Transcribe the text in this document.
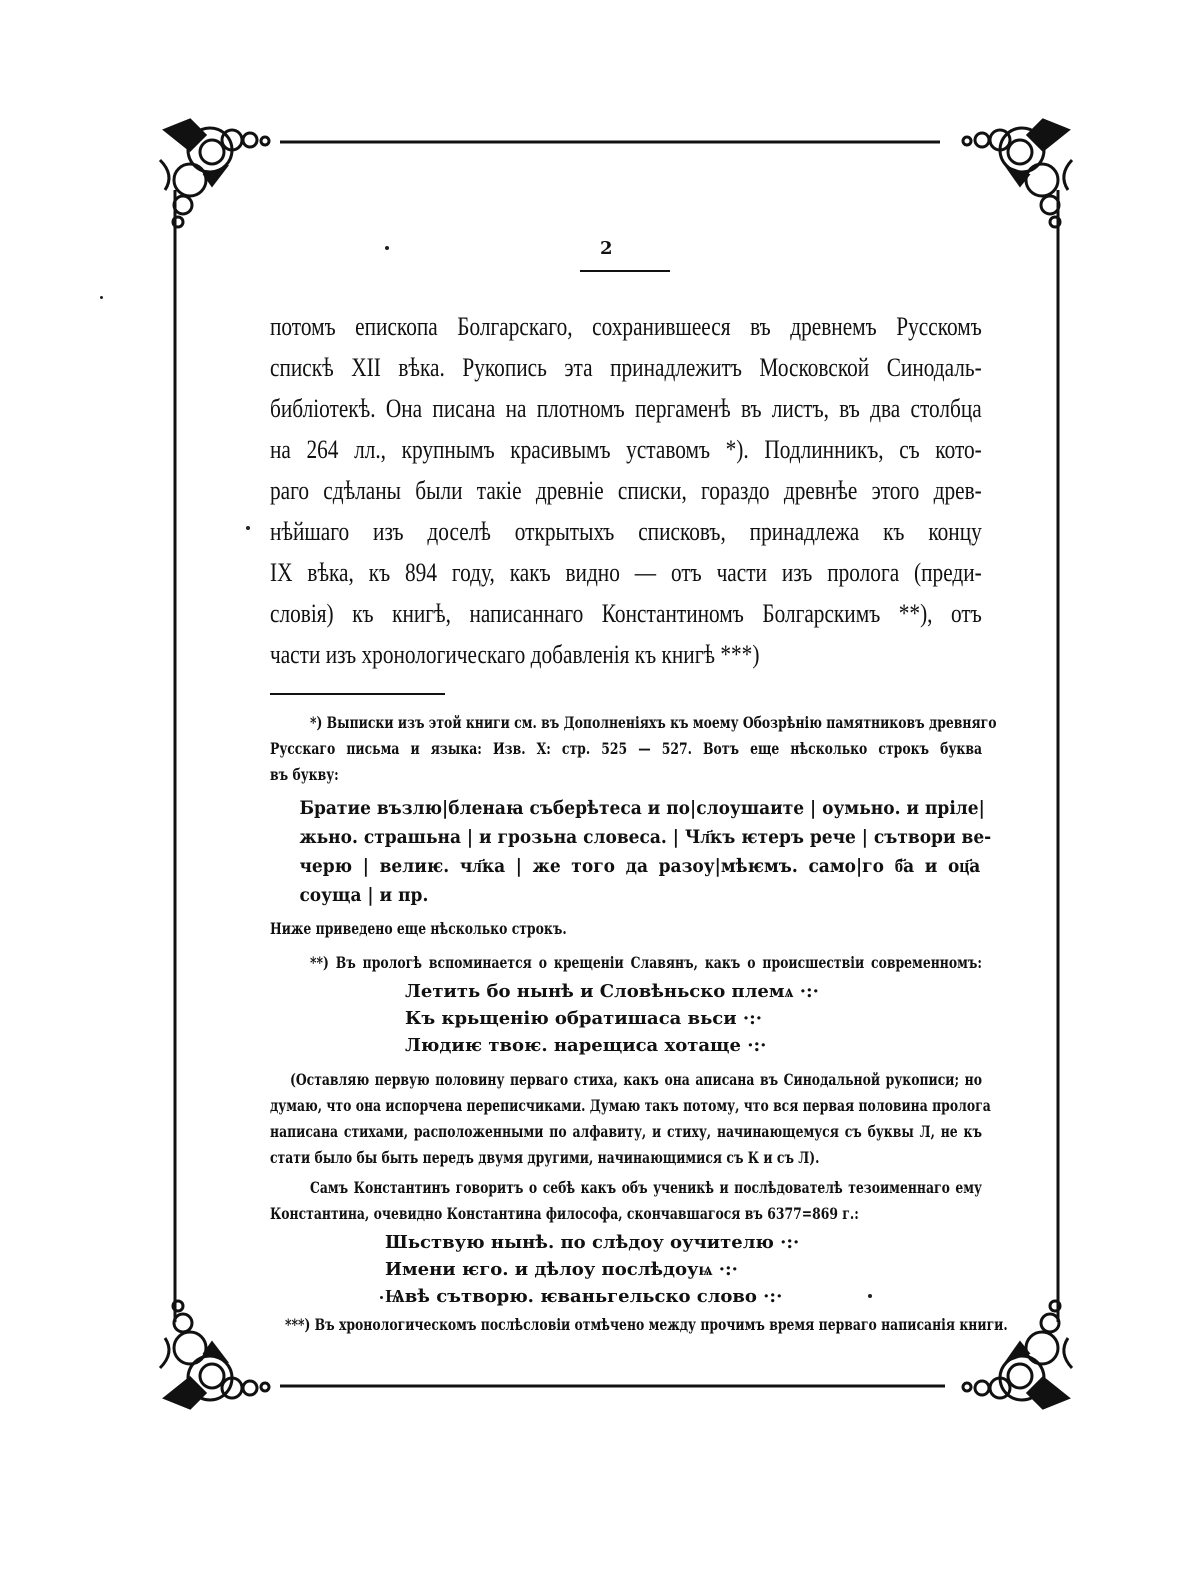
2
потомъ епископа Болгарскаго, сохранившееся въ древнемъ Русскомъ
спискѣ XII вѣка. Рукопись эта принадлежитъ Московской Синодаль-
библіотекѣ. Она писана на плотномъ пергаменѣ въ листъ, въ два столбца
на 264 лл., крупнымъ красивымъ уставомъ *). Подлинникъ, съ кото-
раго сдѣланы были такіе древніе списки, гораздо древнѣе этого древ-
нѣйшаго изъ доселѣ открытыхъ списковъ, принадлежа къ концу
IX вѣка, къ 894 году, какъ видно — отъ части изъ пролога (преди-
словія) къ книгѣ, написаннаго Константиномъ Болгарскимъ **), отъ
части изъ хронологическаго добавленія къ книгѣ ***)
*) Выписки изъ этой книги см. въ Дополненіяхъ къ моему Обозрѣнію памятниковъ древняго
Русскаго письма и языка: Изв. X: стр. 525 — 527. Вотъ еще нѣсколько строкъ буква
въ букву:
Братие възлю|бленаꙗ съберѣтеса и по|слоушаите | оумьно. и прiле|
жьно. страшьна | и грозьна словеса. | Чл҃къ ѥтеръ рече | сътвори ве-
черю | велиѥ. чл҃ка | же того да разоу|мѣѥмъ. само|го б҃а и оц҃а
соуща | и пр.
Ниже приведено еще нѣсколько строкъ.
**) Въ прологѣ вспоминается о крещеніи Славянъ, какъ о происшествіи современномъ:
Летить бо нынѣ и Словѣньско племѧ ·:·
Къ крьщенiю обратишаса вьси ·:·
Людиѥ твоѥ. нарещиса хотаще ·:·
(Оставляю первую половину перваго стиха, какъ она аписана въ Синодальной рукописи; но
думаю, что она испорчена переписчиками. Думаю такъ потому, что вся первая половина пролога
написана стихами, расположенными по алфавиту, и стиху, начинающемуся съ буквы Л, не къ
стати было бы быть передъ двумя другими, начинающимися съ К и съ Л).
Самъ Константинъ говоритъ о себѣ какъ объ ученикѣ и послѣдователѣ тезоименнаго ему
Константина, очевидно Константина философа, скончавшагося въ 6377=869 г.:
Шьствую нынѣ. по слѣдоу оучителю ·:·
Имени ѥго. и дѣлоу послѣдоуѩ ·:·
Ѩвѣ сътворю. ѥваньгельско слово ·:·
***) Въ хронологическомъ послѣсловіи отмѣчено между прочимъ время перваго написанія книги.
